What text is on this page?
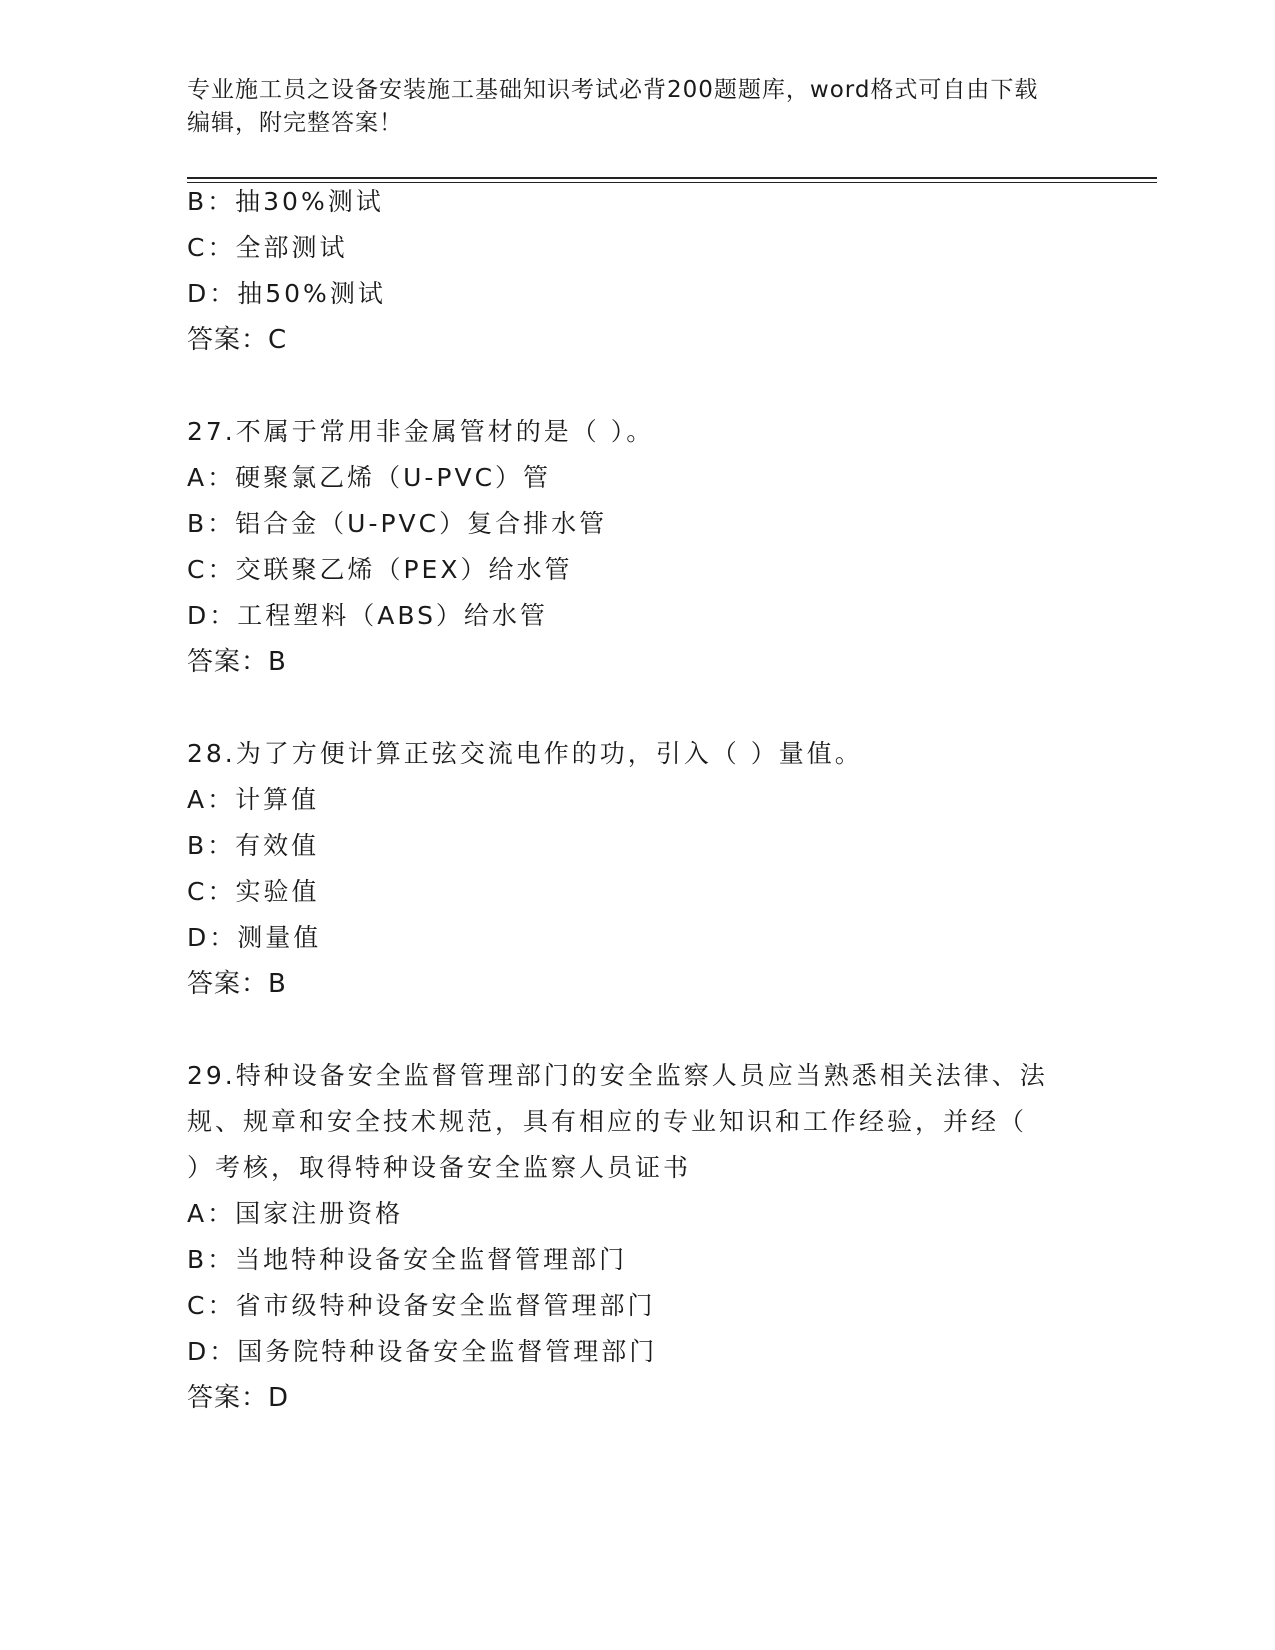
专业施工员之设备安装施工基础知识考试必背200题题库，word格式可自由下载
编辑，附完整答案！
B：抽30%测试
C：全部测试
D：抽50%测试
答案：C
27.不属于常用非金属管材的是（ ）。
A：硬聚氯乙烯（U-PVC）管
B：铝合金（U-PVC）复合排水管
C：交联聚乙烯（PEX）给水管
D：工程塑料（ABS）给水管
答案：B
28.为了方便计算正弦交流电作的功，引入（ ）量值。
A：计算值
B：有效值
C：实验值
D：测量值
答案：B
29.特种设备安全监督管理部门的安全监察人员应当熟悉相关法律、法
规、规章和安全技术规范，具有相应的专业知识和工作经验，并经（
）考核，取得特种设备安全监察人员证书
A：国家注册资格
B：当地特种设备安全监督管理部门
C：省市级特种设备安全监督管理部门
D：国务院特种设备安全监督管理部门
答案：D
